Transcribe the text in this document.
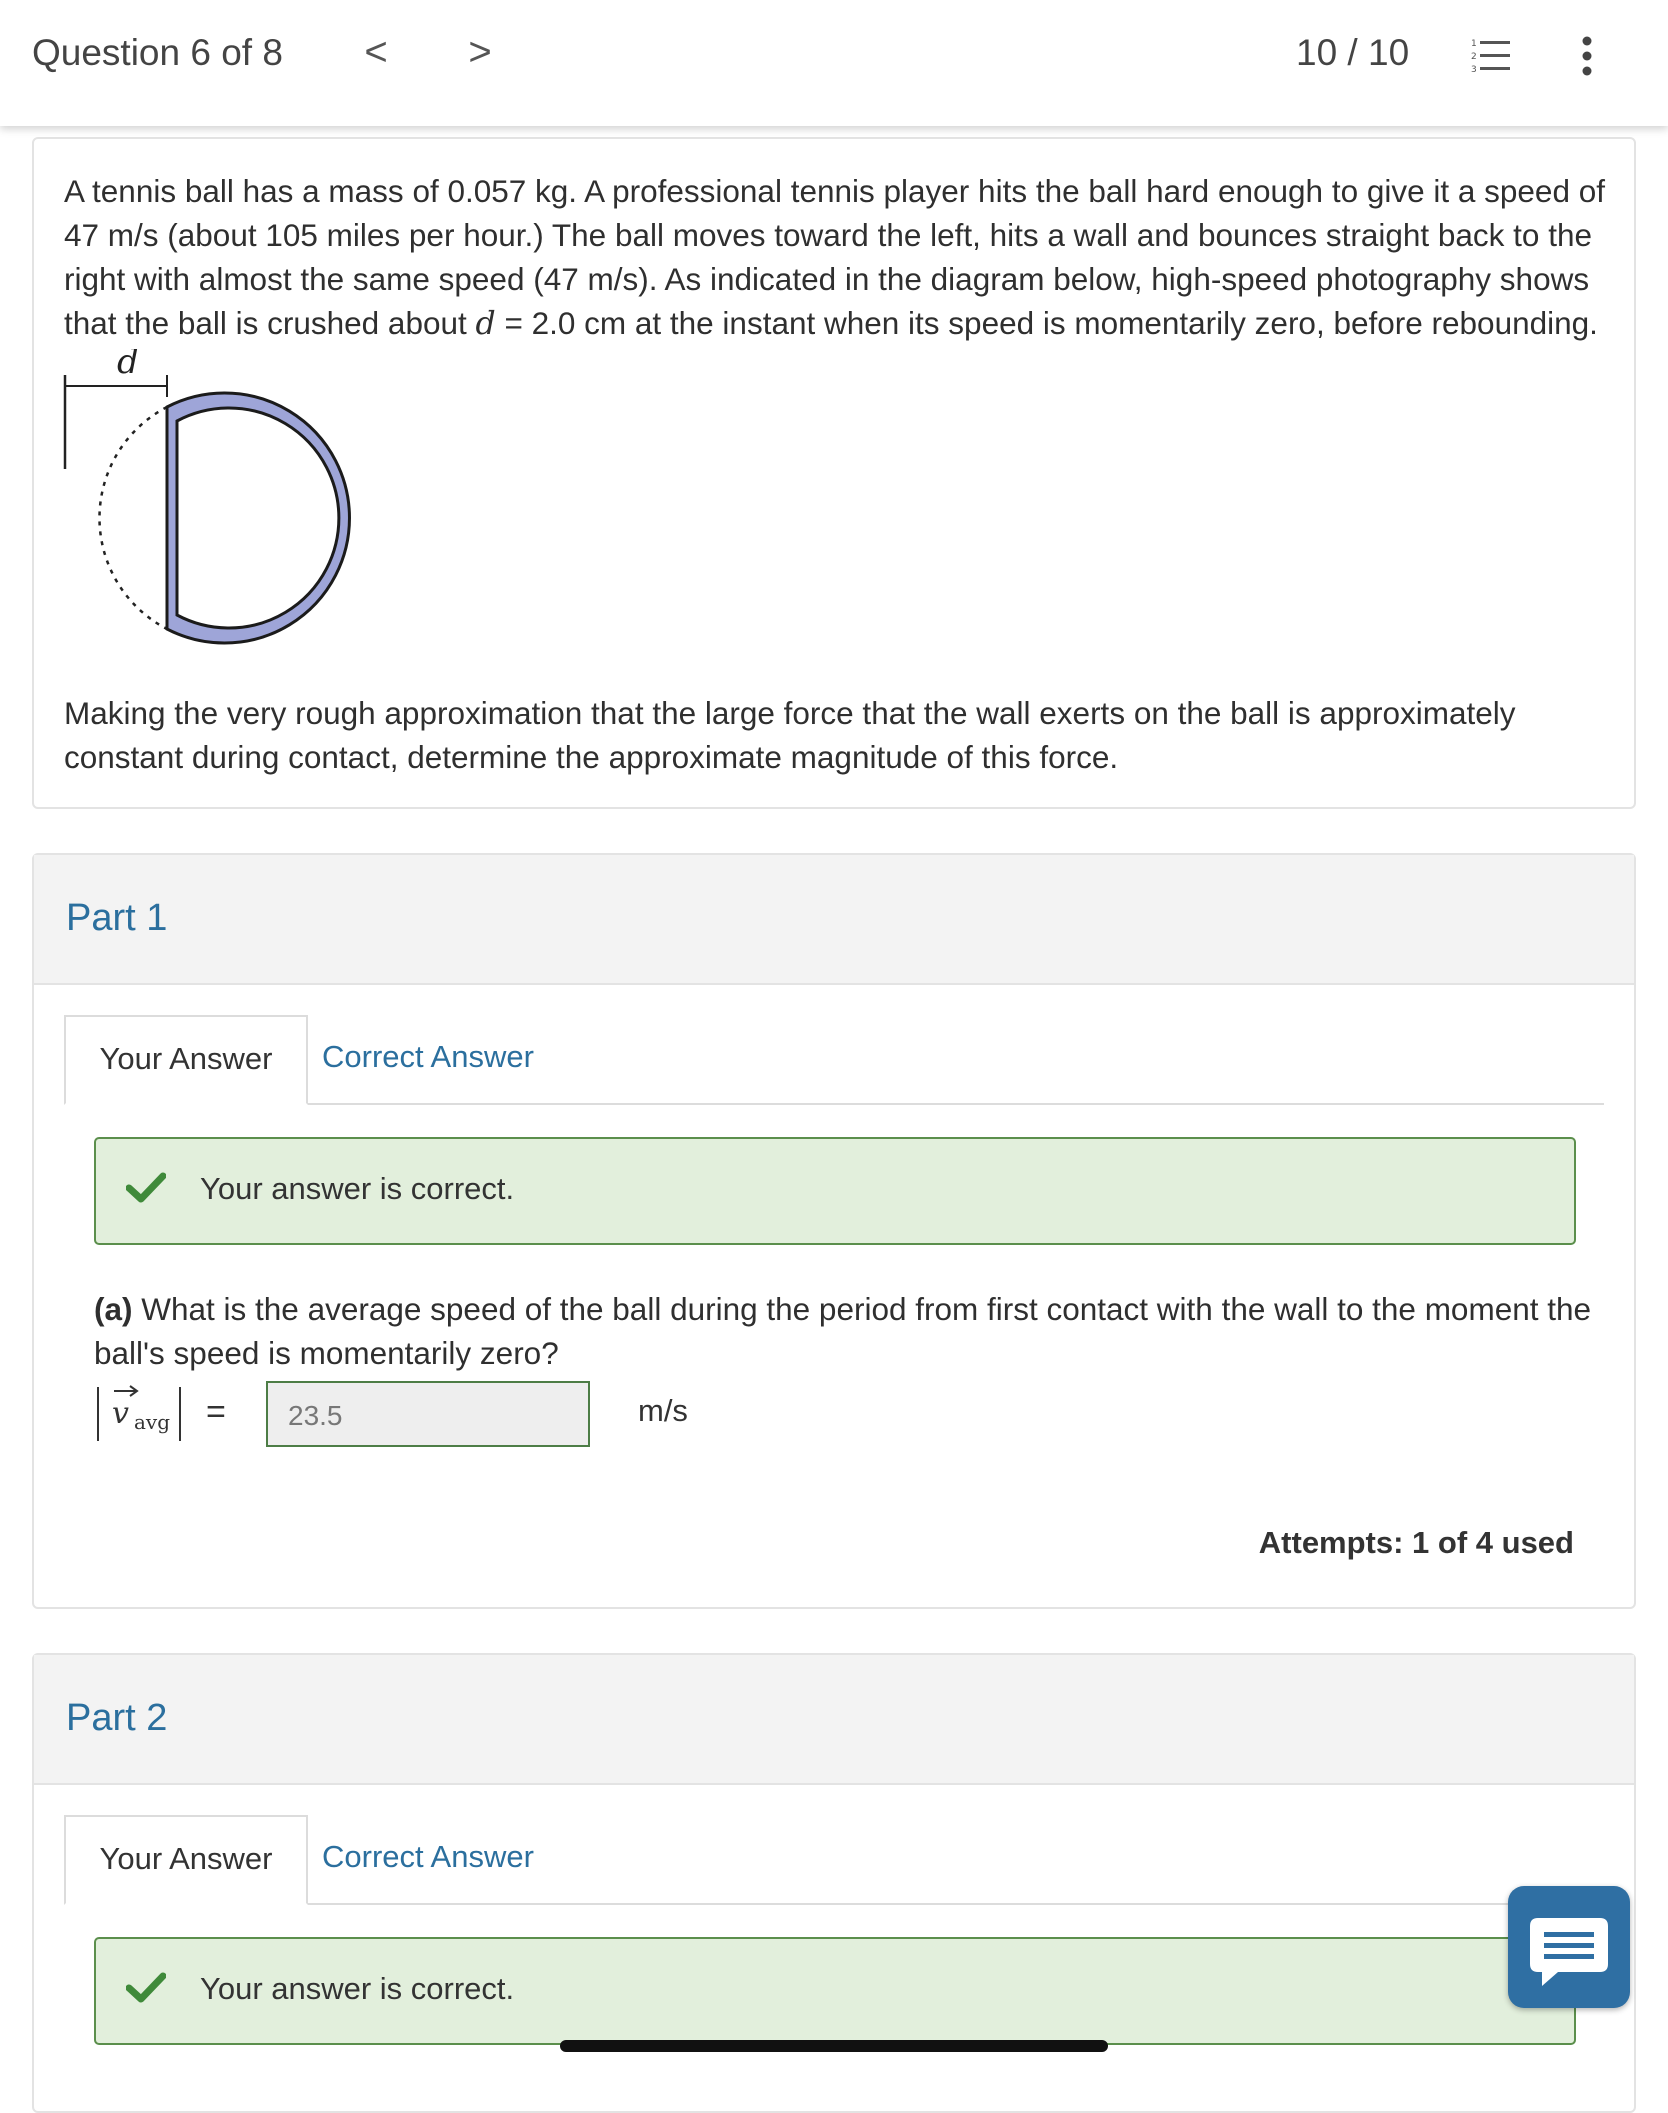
Question 6 of 8 < >	10 / 10	1
2
3
A tennis ball has a mass of 0.057 kg. A professional tennis player hits the ball hard enough to give it a speed of 47 m/s (about 105 miles per hour.) The ball moves toward the left, hits a wall and bounces straight back to the right with almost the same speed (47 m/s). As indicated in the diagram below, high-speed photography shows that the ball is crushed about d = 2.0 cm at the instant when its speed is momentarily zero, before rebounding.
d
Making the very rough approximation that the large force that the wall exerts on the ball is approximately constant during contact, determine the approximate magnitude of this force.
Part 1
Your Answer	Correct Answer
Your answer is correct.
(a) What is the average speed of the ball during the period from first contact with the wall to the moment the ball's speed is momentarily zero?
v avg =	23.5	m/s
Attempts: 1 of 4 used
Part 2
Your Answer	Correct Answer
Your answer is correct.
